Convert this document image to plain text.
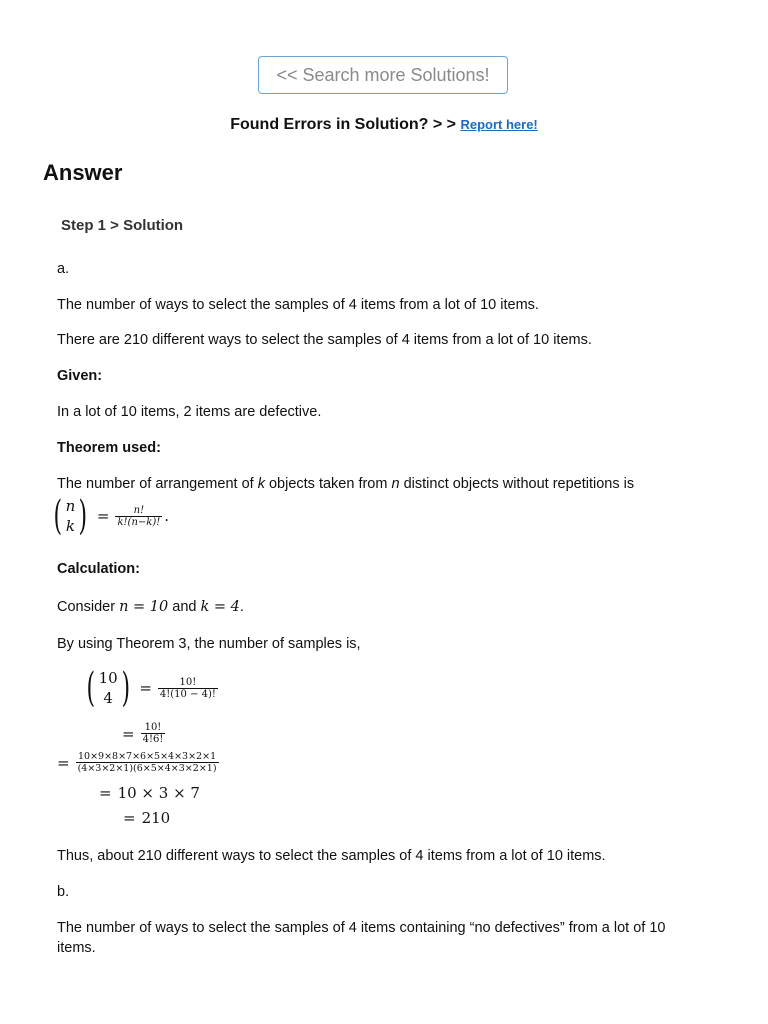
<< Search more Solutions!
Found Errors in Solution? > > Report here!
Answer
Step 1 > Solution

a.

The number of ways to select the samples of 4 items from a lot of 10 items.

There are 210 different ways to select the samples of 4 items from a lot of 10 items.

Given:

In a lot of 10 items, 2 items are defective.

Theorem used:

The number of arrangement of k objects taken from n distinct objects without repetitions is

( n
k ) = $\frac{n!}{k!(n-k)!}$ .

Calculation:

Consider n = 10 and k = 4.

By using Theorem 3, the number of samples is,

( 10
4 ) = $\frac{10!}{4!(10 - 4)!}$
= $\frac{10!}{4!6!}$
= $\frac{10\times 9\times 8\times 7\times 6\times 5\times 4\times 3\times 2\times 1}{(4\times 3\times 2\times 1)(6\times 5\times 4\times 3\times 2\times 1)}$
= 10 × 3 × 7
= 210

Thus, about 210 different ways to select the samples of 4 items from a lot of 10 items.

b.

The number of ways to select the samples of 4 items containing “no defectives” from a lot of 10 items.
